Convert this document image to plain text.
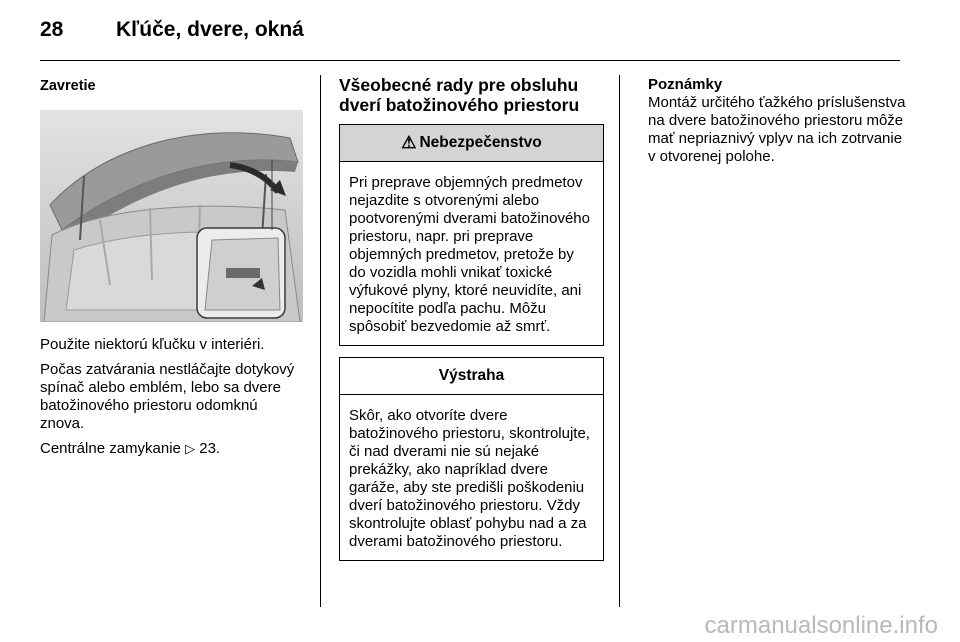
28	Kľúče, dvere, okná
Zavretie

Použite niektorú kľučku v interiéri.

Počas zatvárania nestláčajte dotykový spínač alebo emblém, lebo sa dvere batožinového priestoru odomknú znova.

Centrálne zamykanie ▷ 23.

Všeobecné rady pre obsluhu dverí batožinového priestoru
⚠ Nebezpečenstvo
Pri preprave objemných predmetov nejazdite s otvorenými alebo pootvorenými dverami batožinového priestoru, napr. pri preprave objemných predmetov, pretože by do vozidla mohli vnikať toxické výfukové plyny, ktoré neuvidíte, ani nepocítite podľa pachu. Môžu spôsobiť bezvedomie až smrť.
Výstraha
Skôr, ako otvoríte dvere batožinového priestoru, skontrolujte, či nad dverami nie sú nejaké prekážky, ako napríklad dvere garáže, aby ste predišli poškodeniu dverí batožinového priestoru. Vždy skontrolujte oblasť pohybu nad a za dverami batožinového priestoru.
Poznámky

Montáž určitého ťažkého príslušenstva na dvere batožinového priestoru môže mať nepriaznivý vplyv na ich zotrvanie v otvorenej polohe.

carmanualsonline.info
